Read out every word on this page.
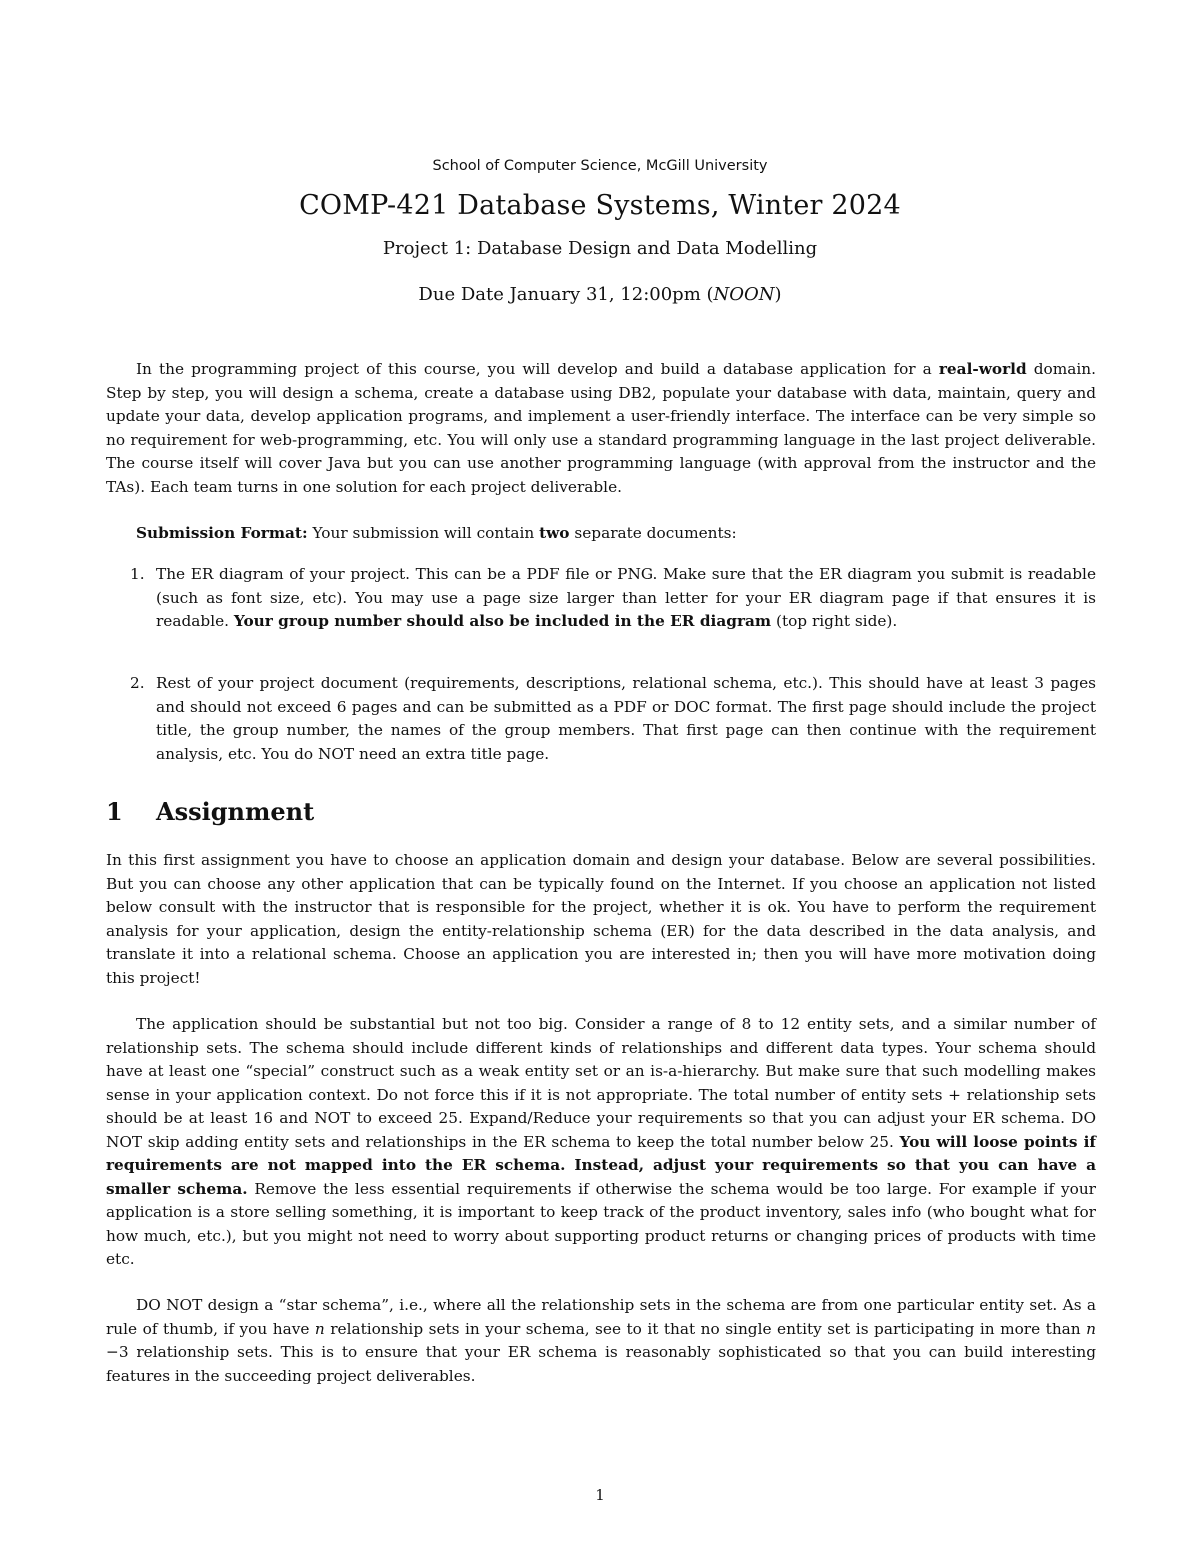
School of Computer Science, McGill University
COMP-421 Database Systems, Winter 2024
Project 1: Database Design and Data Modelling
Due Date January 31, 12:00pm (NOON)
In the programming project of this course, you will develop and build a database application for a real-world domain. Step by step, you will design a schema, create a database using DB2, populate your database with data, maintain, query and update your data, develop application programs, and implement a user-friendly interface. The interface can be very simple so no requirement for web-programming, etc. You will only use a standard programming language in the last project deliverable. The course itself will cover Java but you can use another programming language (with approval from the instructor and the TAs). Each team turns in one solution for each project deliverable.
Submission Format: Your submission will contain two separate documents:
1. The ER diagram of your project. This can be a PDF file or PNG. Make sure that the ER diagram you submit is readable (such as font size, etc). You may use a page size larger than letter for your ER diagram page if that ensures it is readable. Your group number should also be included in the ER diagram (top right side).
2. Rest of your project document (requirements, descriptions, relational schema, etc.). This should have at least 3 pages and should not exceed 6 pages and can be submitted as a PDF or DOC format. The first page should include the project title, the group number, the names of the group members. That first page can then continue with the requirement analysis, etc. You do NOT need an extra title page.
1 Assignment
In this first assignment you have to choose an application domain and design your database. Below are several possibilities. But you can choose any other application that can be typically found on the Internet. If you choose an application not listed below consult with the instructor that is responsible for the project, whether it is ok. You have to perform the requirement analysis for your application, design the entity-relationship schema (ER) for the data described in the data analysis, and translate it into a relational schema. Choose an application you are interested in; then you will have more motivation doing this project!
The application should be substantial but not too big. Consider a range of 8 to 12 entity sets, and a similar number of relationship sets. The schema should include different kinds of relationships and different data types. Your schema should have at least one “special” construct such as a weak entity set or an is-a-hierarchy. But make sure that such modelling makes sense in your application context. Do not force this if it is not appropriate. The total number of entity sets + relationship sets should be at least 16 and NOT to exceed 25. Expand/Reduce your requirements so that you can adjust your ER schema. DO NOT skip adding entity sets and relationships in the ER schema to keep the total number below 25. You will loose points if requirements are not mapped into the ER schema. Instead, adjust your requirements so that you can have a smaller schema. Remove the less essential requirements if otherwise the schema would be too large. For example if your application is a store selling something, it is important to keep track of the product inventory, sales info (who bought what for how much, etc.), but you might not need to worry about supporting product returns or changing prices of products with time etc.
DO NOT design a “star schema”, i.e., where all the relationship sets in the schema are from one particular entity set. As a rule of thumb, if you have n relationship sets in your schema, see to it that no single entity set is participating in more than n −3 relationship sets. This is to ensure that your ER schema is reasonably sophisticated so that you can build interesting features in the succeeding project deliverables.
1
